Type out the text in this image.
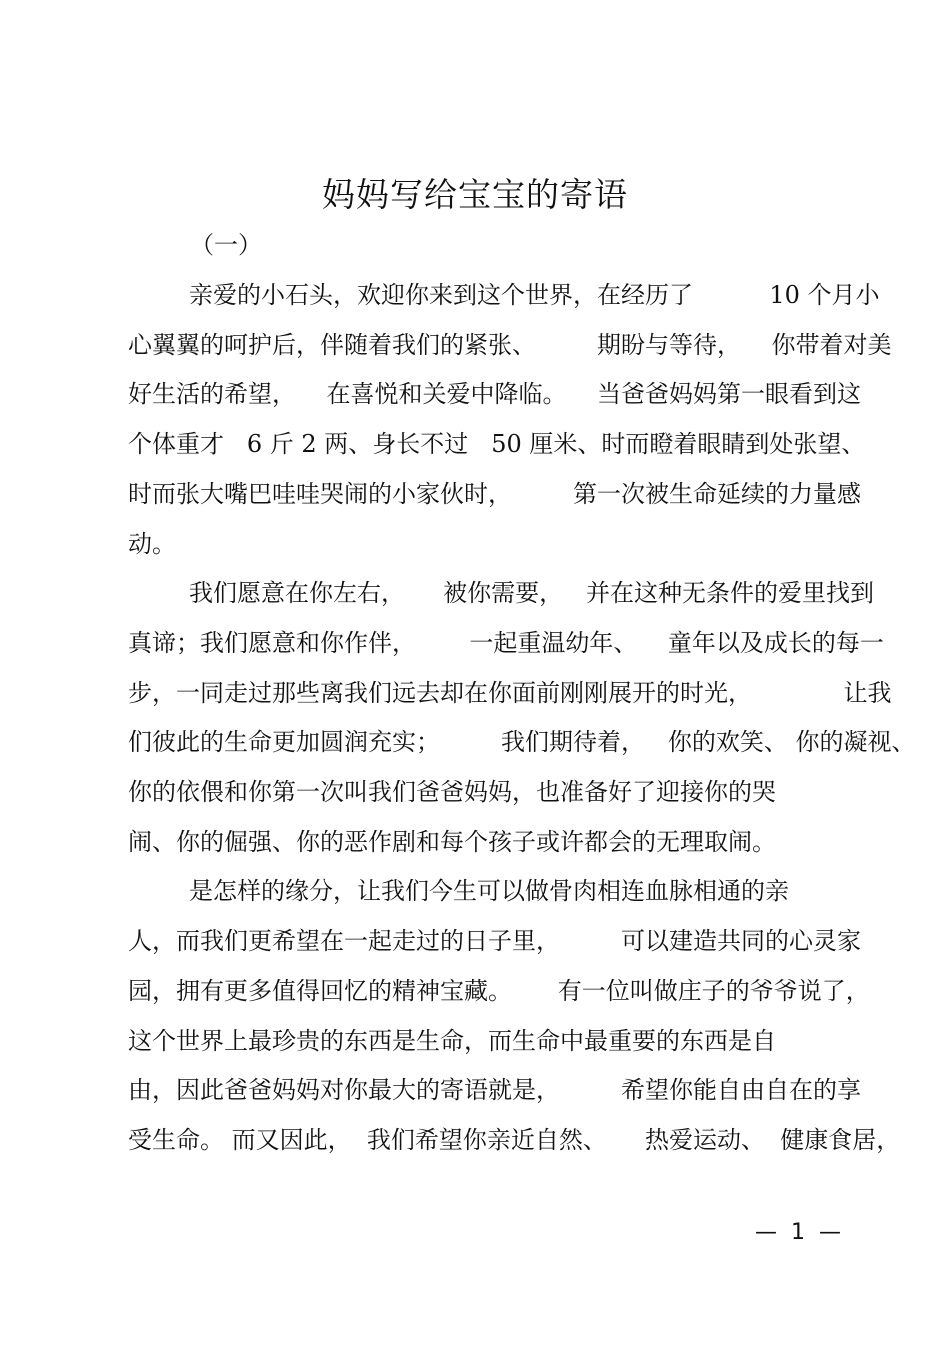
妈妈写给宝宝的寄语
（一）
亲爱的小石头，欢迎你来到这个世界，在经历了          10 个月小
心翼翼的呵护后，伴随着我们的紧张、        期盼与等待，    你带着对美
好生活的希望，    在喜悦和关爱中降临。    当爸爸妈妈第一眼看到这
个体重才   6 斤 2 两、身长不过   50 厘米、时而瞪着眼睛到处张望、
时而张大嘴巴哇哇哭闹的小家伙时，        第一次被生命延续的力量感
动。
我们愿意在你左右，     被你需要，   并在这种无条件的爱里找到
真谛；我们愿意和你作伴，       一起重温幼年、    童年以及成长的每一
步，一同走过那些离我们远去却在你面前刚刚展开的时光，            让我
们彼此的生命更加圆润充实；        我们期待着，   你的欢笑、 你的凝视、
你的依偎和你第一次叫我们爸爸妈妈，也准备好了迎接你的哭
闹、你的倔强、你的恶作剧和每个孩子或许都会的无理取闹。
是怎样的缘分，让我们今生可以做骨肉相连血脉相通的亲
人，而我们更希望在一起走过的日子里，        可以建造共同的心灵家
园，拥有更多值得回忆的精神宝藏。      有一位叫做庄子的爷爷说了，
这个世界上最珍贵的东西是生命，而生命中最重要的东西是自
由，因此爸爸妈妈对你最大的寄语就是，        希望你能自由自在的享
受生命。 而又因此，  我们希望你亲近自然、     热爱运动、  健康食居，
—  1  —
